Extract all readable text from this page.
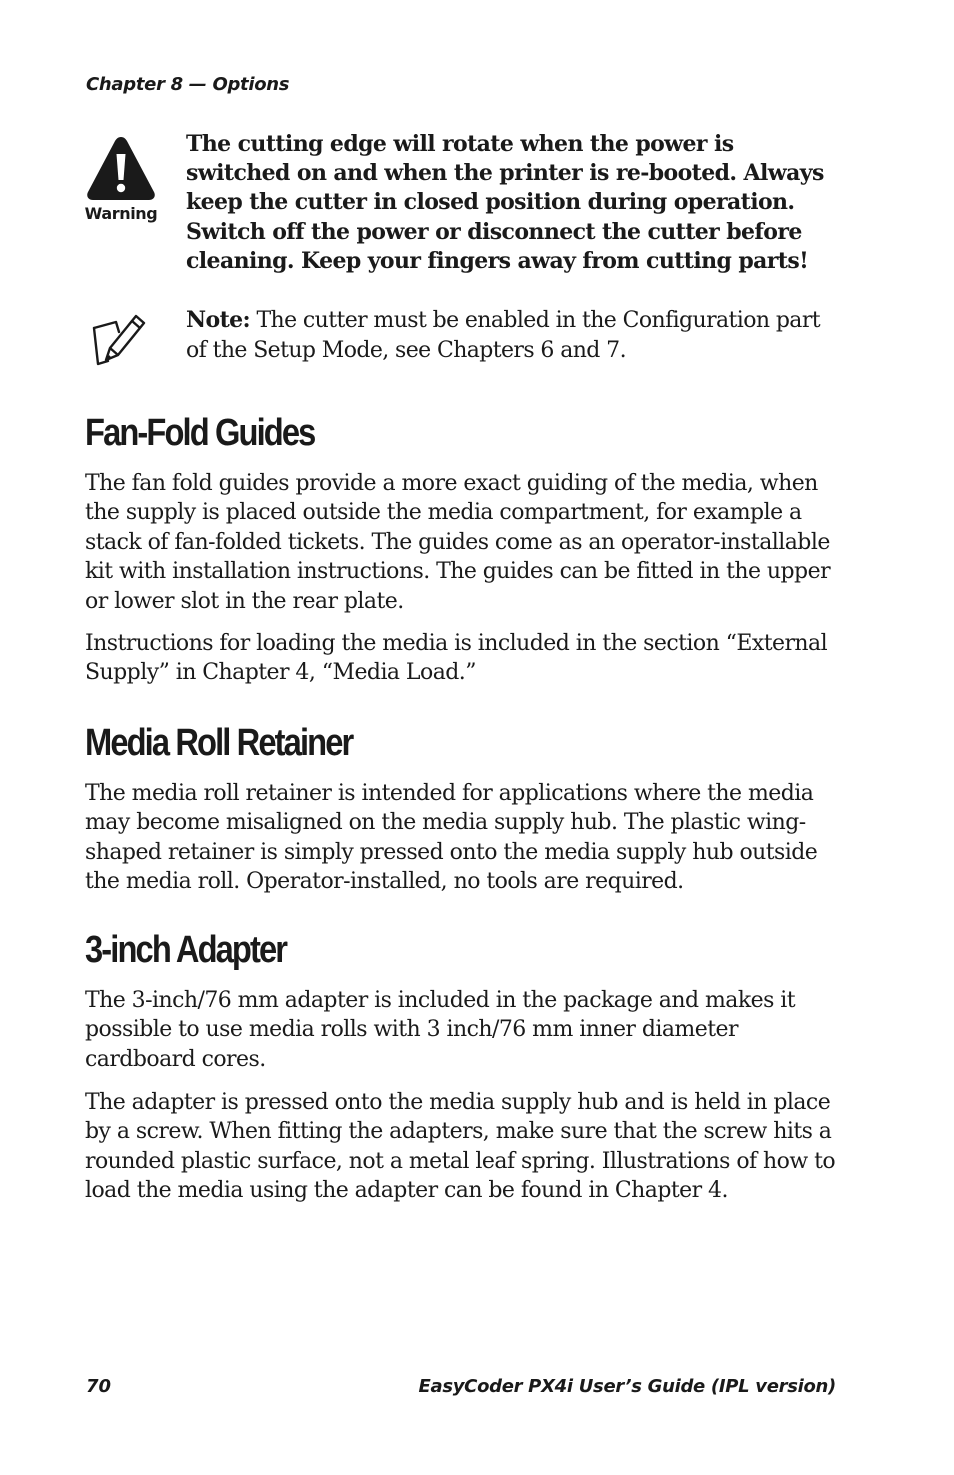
Chapter 8 — Options
Warning
The cutting edge will rotate when the power is switched on and when the printer is re-booted. Always keep the cutter in closed position during operation. Switch off the power or disconnect the cutter before cleaning. Keep your fingers away from cutting parts!
Note: The cutter must be enabled in the Configuration part of the Setup Mode, see Chapters 6 and 7.
Fan-Fold Guides

The fan fold guides provide a more exact guiding of the media, when the supply is placed outside the media compartment, for example a stack of fan-folded tickets. The guides come as an operator-installable kit with installation instructions. The guides can be fitted in the upper or lower slot in the rear plate.

Instructions for loading the media is included in the section “External Supply” in Chapter 4, “Media Load.”

Media Roll Retainer

The media roll retainer is intended for applications where the media may become misaligned on the media supply hub. The plastic wing-shaped retainer is simply pressed onto the media supply hub outside the media roll. Operator-installed, no tools are required.

3-inch Adapter

The 3-inch/76 mm adapter is included in the package and makes it possible to use media rolls with 3 inch/76 mm inner diameter cardboard cores.

The adapter is pressed onto the media supply hub and is held in place by a screw. When fitting the adapters, make sure that the screw hits a rounded plastic surface, not a metal leaf spring. Illustrations of how to load the media using the adapter can be found in Chapter 4.

70	EasyCoder PX4i User’s Guide (IPL version)
